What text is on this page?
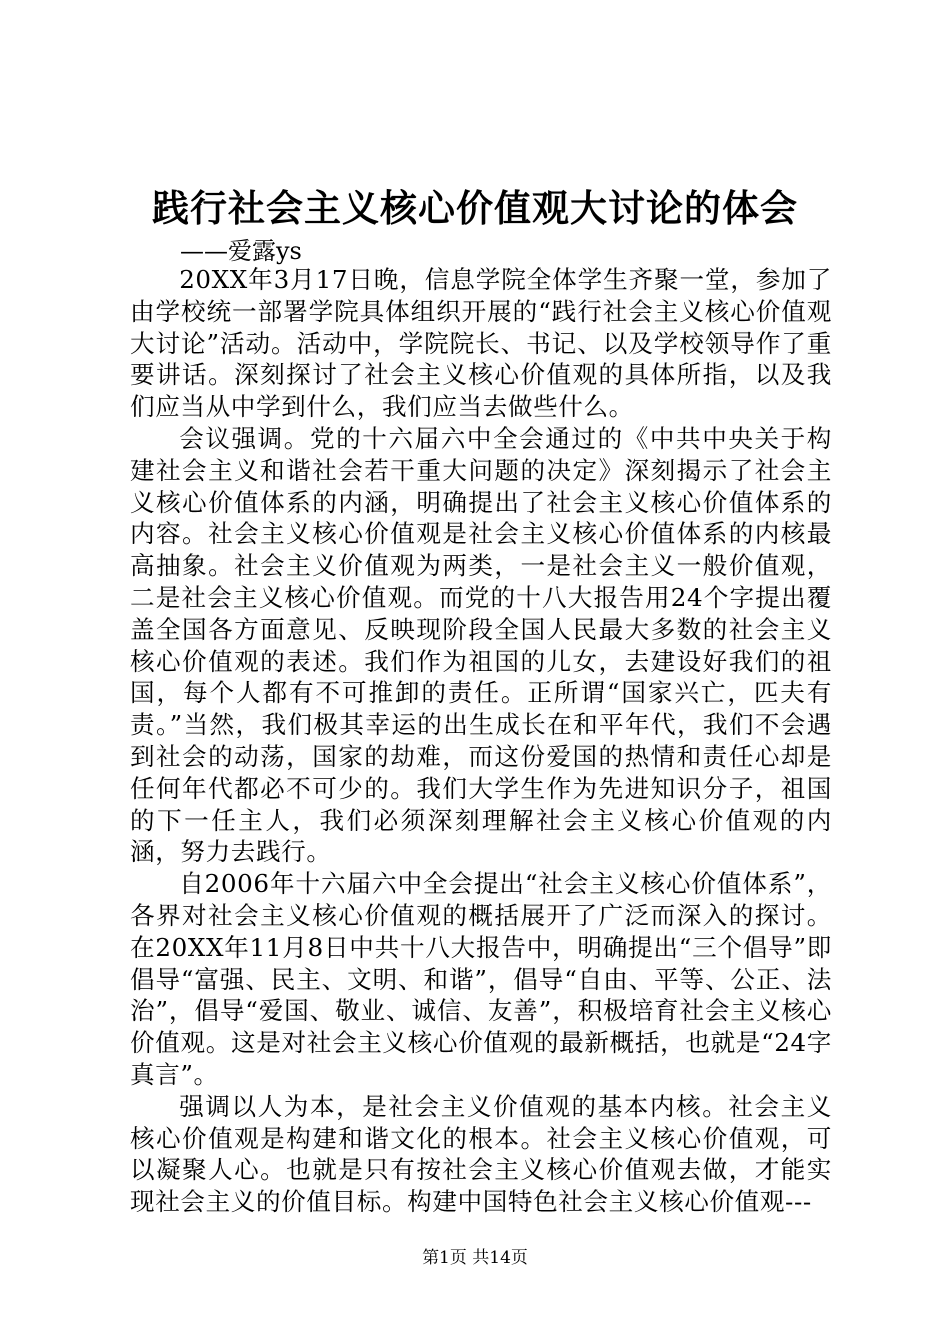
践行社会主义核心价值观大讨论的体会

——爱露ys

20XX年3月17日晚，信息学院全体学生齐聚一堂，参加了由学校统一部署学院具体组织开展的“践行社会主义核心价值观大讨论”活动。活动中，学院院长、书记、以及学校领导作了重要讲话。深刻探讨了社会主义核心价值观的具体所指，以及我们应当从中学到什么，我们应当去做些什么。

会议强调。党的十六届六中全会通过的《中共中央关于构建社会主义和谐社会若干重大问题的决定》深刻揭示了社会主义核心价值体系的内涵，明确提出了社会主义核心价值体系的内容。社会主义核心价值观是社会主义核心价值体系的内核最高抽象。社会主义价值观为两类，一是社会主义一般价值观，二是社会主义核心价值观。而党的十八大报告用24个字提出覆盖全国各方面意见、反映现阶段全国人民最大多数的社会主义核心价值观的表述。我们作为祖国的儿女，去建设好我们的祖国，每个人都有不可推卸的责任。正所谓“国家兴亡，匹夫有责。”当然，我们极其幸运的出生成长在和平年代，我们不会遇到社会的动荡，国家的劫难，而这份爱国的热情和责任心却是任何年代都必不可少的。我们大学生作为先进知识分子，祖国的下一任主人，我们必须深刻理解社会主义核心价值观的内涵，努力去践行。

自2006年十六届六中全会提出“社会主义核心价值体系”，各界对社会主义核心价值观的概括展开了广泛而深入的探讨。在20XX年11月8日中共十八大报告中，明确提出“三个倡导”即倡导“富强、民主、文明、和谐”，倡导“自由、平等、公正、法治”，倡导“爱国、敬业、诚信、友善”，积极培育社会主义核心价值观。这是对社会主义核心价值观的最新概括，也就是“24字真言”。

强调以人为本，是社会主义价值观的基本内核。社会主义核心价值观是构建和谐文化的根本。社会主义核心价值观，可以凝聚人心。也就是只有按社会主义核心价值观去做，才能实现社会主义的价值目标。构建中国特色社会主义核心价值观---

第1页 共14页
